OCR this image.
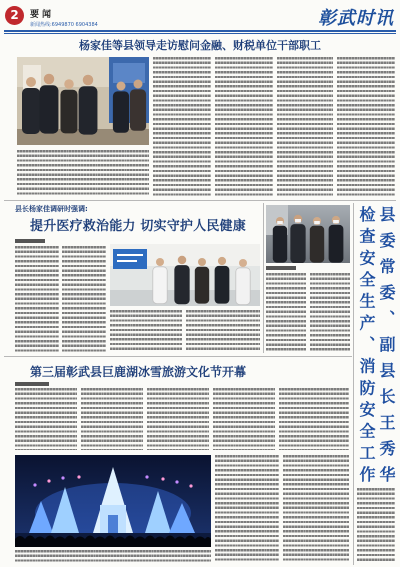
2	要闻
新闻热线:6949870 6904384	彰武时讯
杨家佳等县领导走访慰问金融、财税单位干部职工
县长杨家佳调研时强调:
提升医疗救治能力 切实守护人民健康	县委常委、副县长王秀华
检查安全生产、消防安全工作
第三届彰武县巨鹿湖冰雪旅游文化节开幕
